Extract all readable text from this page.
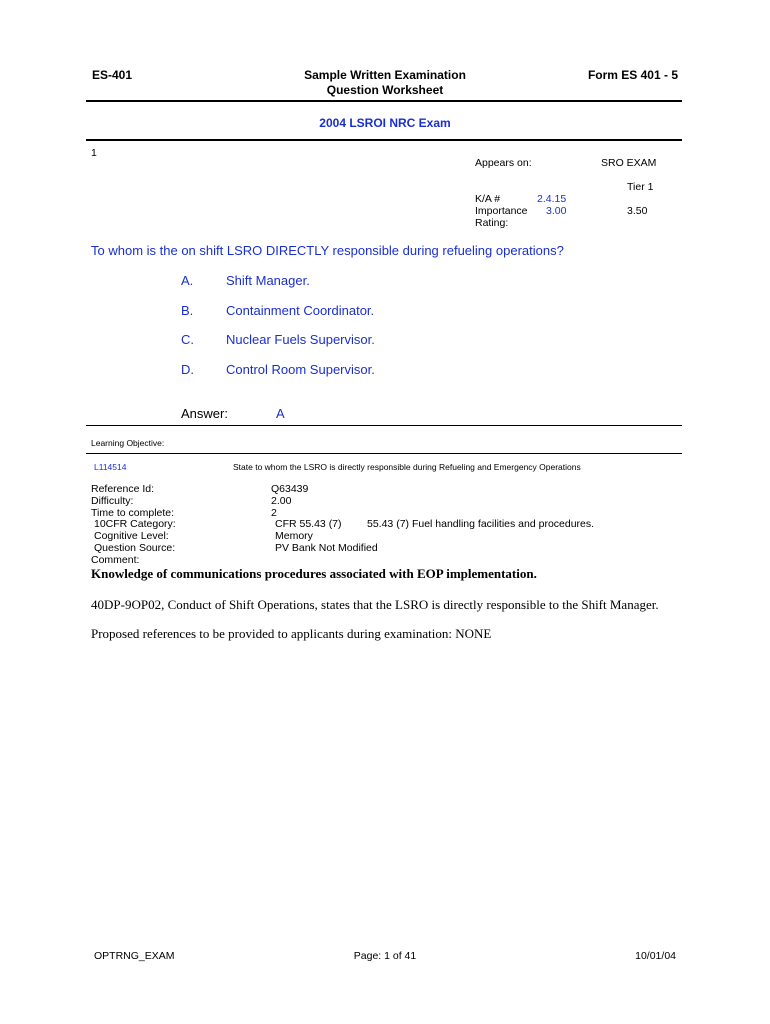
ES-401	Sample Written Examination
Question Worksheet
Form ES 401 - 5
2004 LSROI NRC Exam
1
Appears on:	SRO EXAM
Tier 1
K/A #	2.4.15
Importance 3.00	3.50
Rating:
To whom is the on shift LSRO DIRECTLY responsible during refueling operations?
A.	Shift Manager.
B.	Containment Coordinator.
C. Nuclear Fuels Supervisor.
D. Control Room Supervisor.
Answer:	A
Learning Objective:
L114514	State to whom the LSRO is directly responsible during Refueling and Emergency Operations
Reference Id:	Q63439
Difficulty:	2.00
Time to complete:	2
10CFR Category:	CFR 55.43 (7) 55.43 (7) Fuel handling facilities and procedures.
Cognitive Level:	Memory
Question Source:	PV Bank Not Modified
Comment:
Knowledge of communications procedures associated with EOP implementation.
40DP-9OP02, Conduct of Shift Operations, states that the LSRO is directly responsible to the Shift Manager.
Proposed references to be provided to applicants during examination: NONE
OPTRNG_EXAM	Page: 1 of 41	10/01/04
